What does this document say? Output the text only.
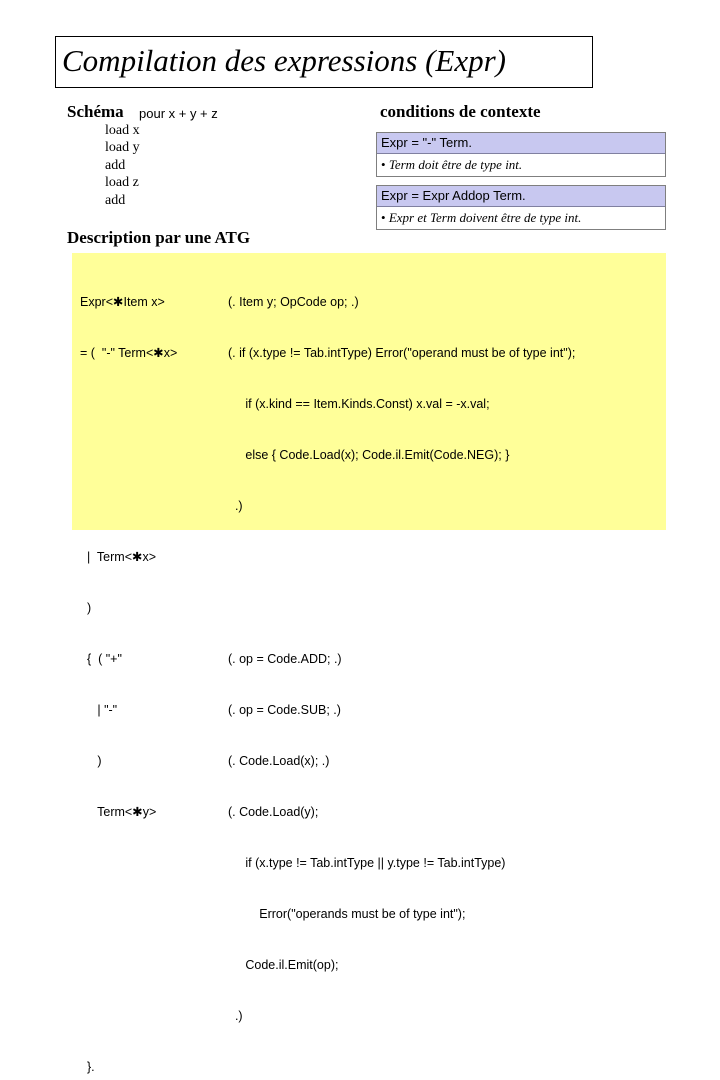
Compilation des expressions (Expr)
Schéma pour x + y + z
load x
load y
add
load z
add
conditions de contexte
Expr = "-" Term.
• Term doit être de type int.
Expr = Expr Addop Term.
• Expr et Term doivent être de type int.
Description par une ATG

Expr<✱Item x>

= (  "-" Term<✱x>

|  Term<✱x>

)

{  ( "+"

| "-"

)

Term<✱y>

}.

(. Item y; OpCode op; .)

(. if (x.type != Tab.intType) Error("operand must be of type int");

if (x.kind == Item.Kinds.Const) x.val = -x.val;

else { Code.Load(x); Code.il.Emit(Code.NEG); }

.)

(. op = Code.ADD; .)

(. op = Code.SUB; .)

(. Code.Load(x); .)

(. Code.Load(y);

if (x.type != Tab.intType || y.type != Tab.intType)

Error("operands must be of type int");

Code.il.Emit(op);

.)
